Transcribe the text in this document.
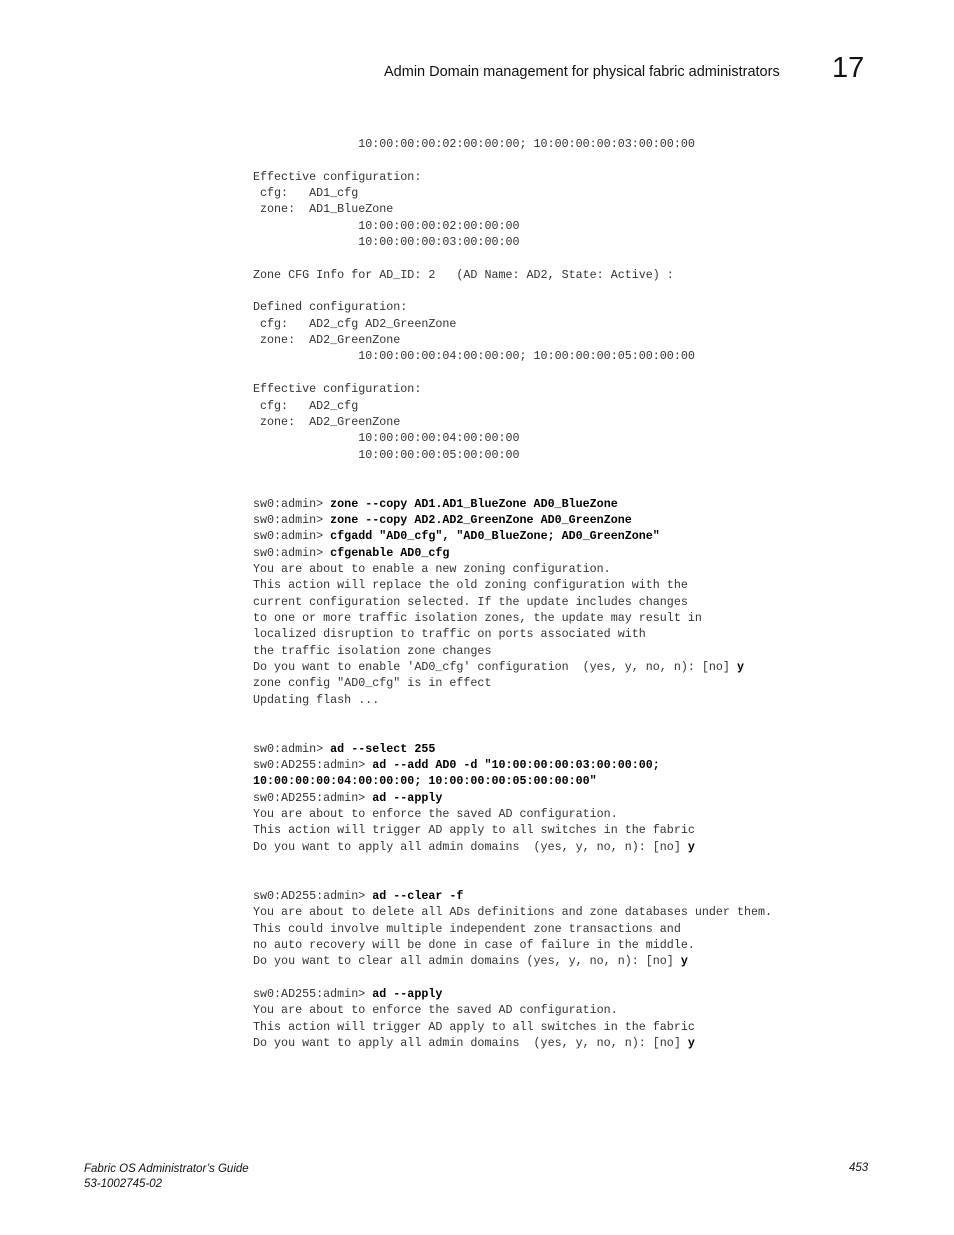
Admin Domain management for physical fabric administrators 17
10:00:00:00:02:00:00:00; 10:00:00:00:03:00:00:00
Effective configuration:
cfg:   AD1_cfg
zone:  AD1_BlueZone
10:00:00:00:02:00:00:00
10:00:00:00:03:00:00:00
Zone CFG Info for AD_ID: 2   (AD Name: AD2, State: Active) :
Defined configuration:
cfg:   AD2_cfg AD2_GreenZone
zone:  AD2_GreenZone
10:00:00:00:04:00:00:00; 10:00:00:00:05:00:00:00
Effective configuration:
cfg:   AD2_cfg
zone:  AD2_GreenZone
10:00:00:00:04:00:00:00
10:00:00:00:05:00:00:00
sw0:admin> zone --copy AD1.AD1_BlueZone AD0_BlueZone
sw0:admin> zone --copy AD2.AD2_GreenZone AD0_GreenZone
sw0:admin> cfgadd "AD0_cfg", "AD0_BlueZone; AD0_GreenZone"
sw0:admin> cfgenable AD0_cfg
You are about to enable a new zoning configuration.
This action will replace the old zoning configuration with the
current configuration selected. If the update includes changes
to one or more traffic isolation zones, the update may result in
localized disruption to traffic on ports associated with
the traffic isolation zone changes
Do you want to enable 'AD0_cfg' configuration  (yes, y, no, n): [no] y
zone config "AD0_cfg" is in effect
Updating flash ...
sw0:admin> ad --select 255
sw0:AD255:admin> ad --add AD0 -d "10:00:00:00:03:00:00:00;
10:00:00:00:04:00:00:00; 10:00:00:00:05:00:00:00"
sw0:AD255:admin> ad --apply
You are about to enforce the saved AD configuration.
This action will trigger AD apply to all switches in the fabric
Do you want to apply all admin domains  (yes, y, no, n): [no] y
sw0:AD255:admin> ad --clear -f
You are about to delete all ADs definitions and zone databases under them.
This could involve multiple independent zone transactions and
no auto recovery will be done in case of failure in the middle.
Do you want to clear all admin domains (yes, y, no, n): [no] y
sw0:AD255:admin> ad --apply
You are about to enforce the saved AD configuration.
This action will trigger AD apply to all switches in the fabric
Do you want to apply all admin domains  (yes, y, no, n): [no] y
Fabric OS Administrator’s Guide
53-1002745-02
453
